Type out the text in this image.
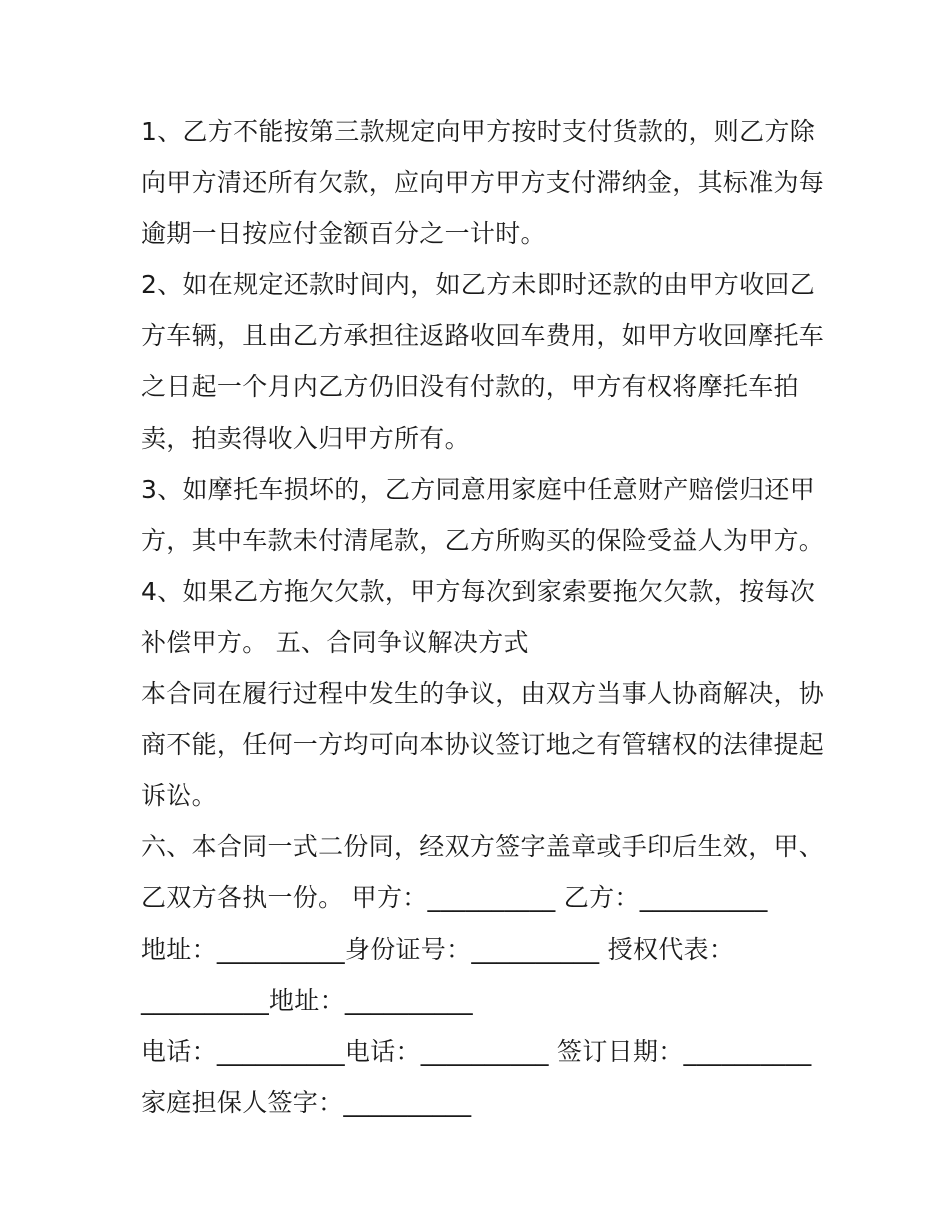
1、乙方不能按第三款规定向甲方按时支付货款的，则乙方除
向甲方清还所有欠款，应向甲方甲方支付滞纳金，其标准为每
逾期一日按应付金额百分之一计时。
2、如在规定还款时间内，如乙方未即时还款的由甲方收回乙
方车辆，且由乙方承担往返路收回车费用，如甲方收回摩托车
之日起一个月内乙方仍旧没有付款的，甲方有权将摩托车拍
卖，拍卖得收入归甲方所有。
3、如摩托车损坏的，乙方同意用家庭中任意财产赔偿归还甲
方，其中车款未付清尾款，乙方所购买的保险受益人为甲方。
4、如果乙方拖欠欠款，甲方每次到家索要拖欠欠款，按每次
补偿甲方。 五、合同争议解决方式
本合同在履行过程中发生的争议，由双方当事人协商解决，协
商不能，任何一方均可向本协议签订地之有管辖权的法律提起
诉讼。
六、本合同一式二份同，经双方签字盖章或手印后生效，甲、
乙双方各执一份。 甲方：__________ 乙方：__________
地址：__________身份证号：__________ 授权代表：
__________地址：__________
电话：__________电话：__________ 签订日期：__________
家庭担保人签字：__________
